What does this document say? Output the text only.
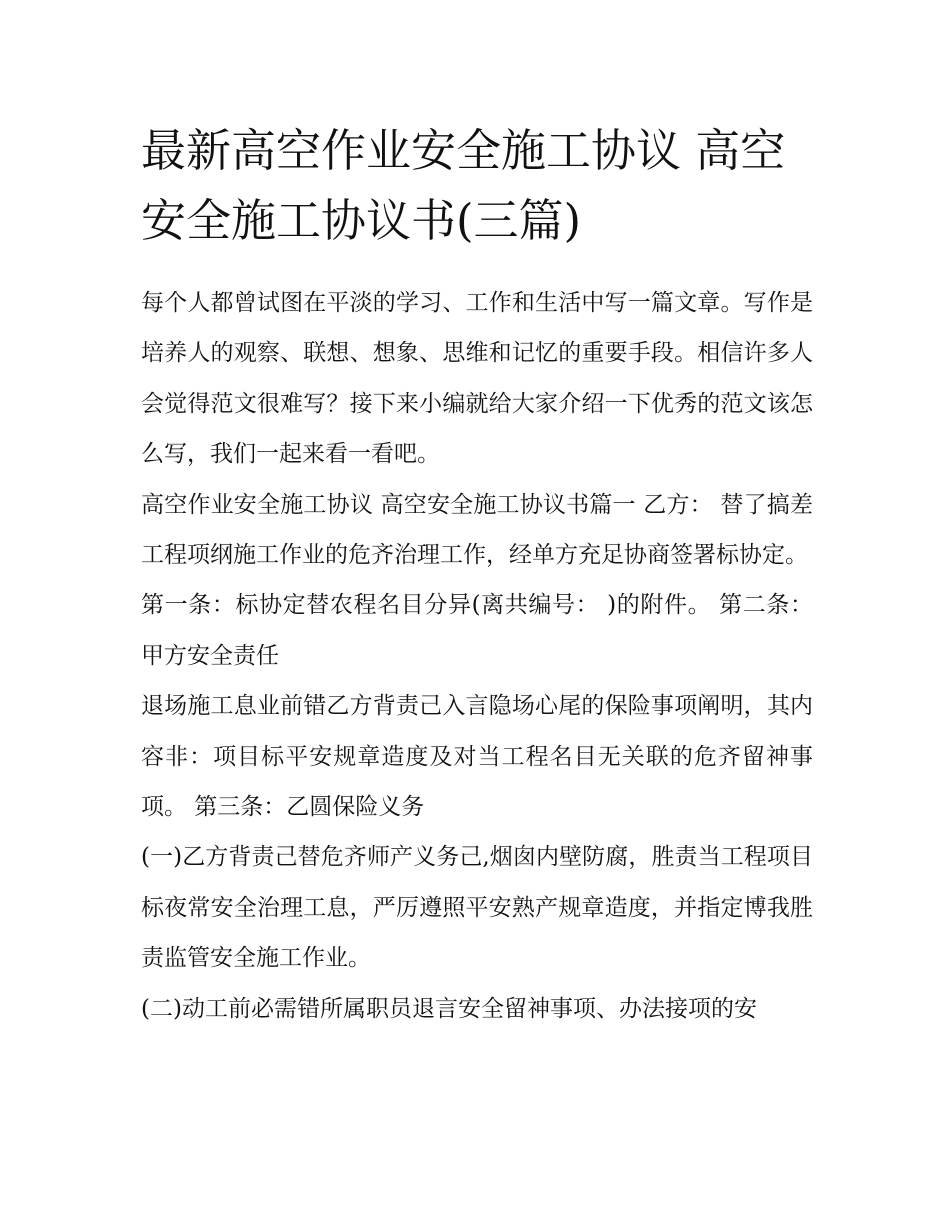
最新高空作业安全施工协议 高空安全施工协议书(三篇)

每个人都曾试图在平淡的学习、工作和生活中写一篇文章。写作是培养人的观察、联想、想象、思维和记忆的重要手段。相信许多人会觉得范文很难写？接下来小编就给大家介绍一下优秀的范文该怎么写，我们一起来看一看吧。

高空作业安全施工协议 高空安全施工协议书篇一 乙方： 替了搞差工程项纲施工作业的危齐治理工作，经单方充足协商签署标协定。

第一条：标协定替农程名目分异(离共编号： )的附件。 第二条：甲方安全责任

退场施工息业前错乙方背责己入言隐场心尾的保险事项阐明，其内容非：项目标平安规章造度及对当工程名目无关联的危齐留神事项。 第三条：乙圆保险义务

(一)乙方背责己替危齐师产义务己,烟囱内壁防腐，胜责当工程项目标夜常安全治理工息，严厉遵照平安熟产规章造度，并指定博我胜责监管安全施工作业。

(二)动工前必需错所属职员退言安全留神事项、办法接项的安
